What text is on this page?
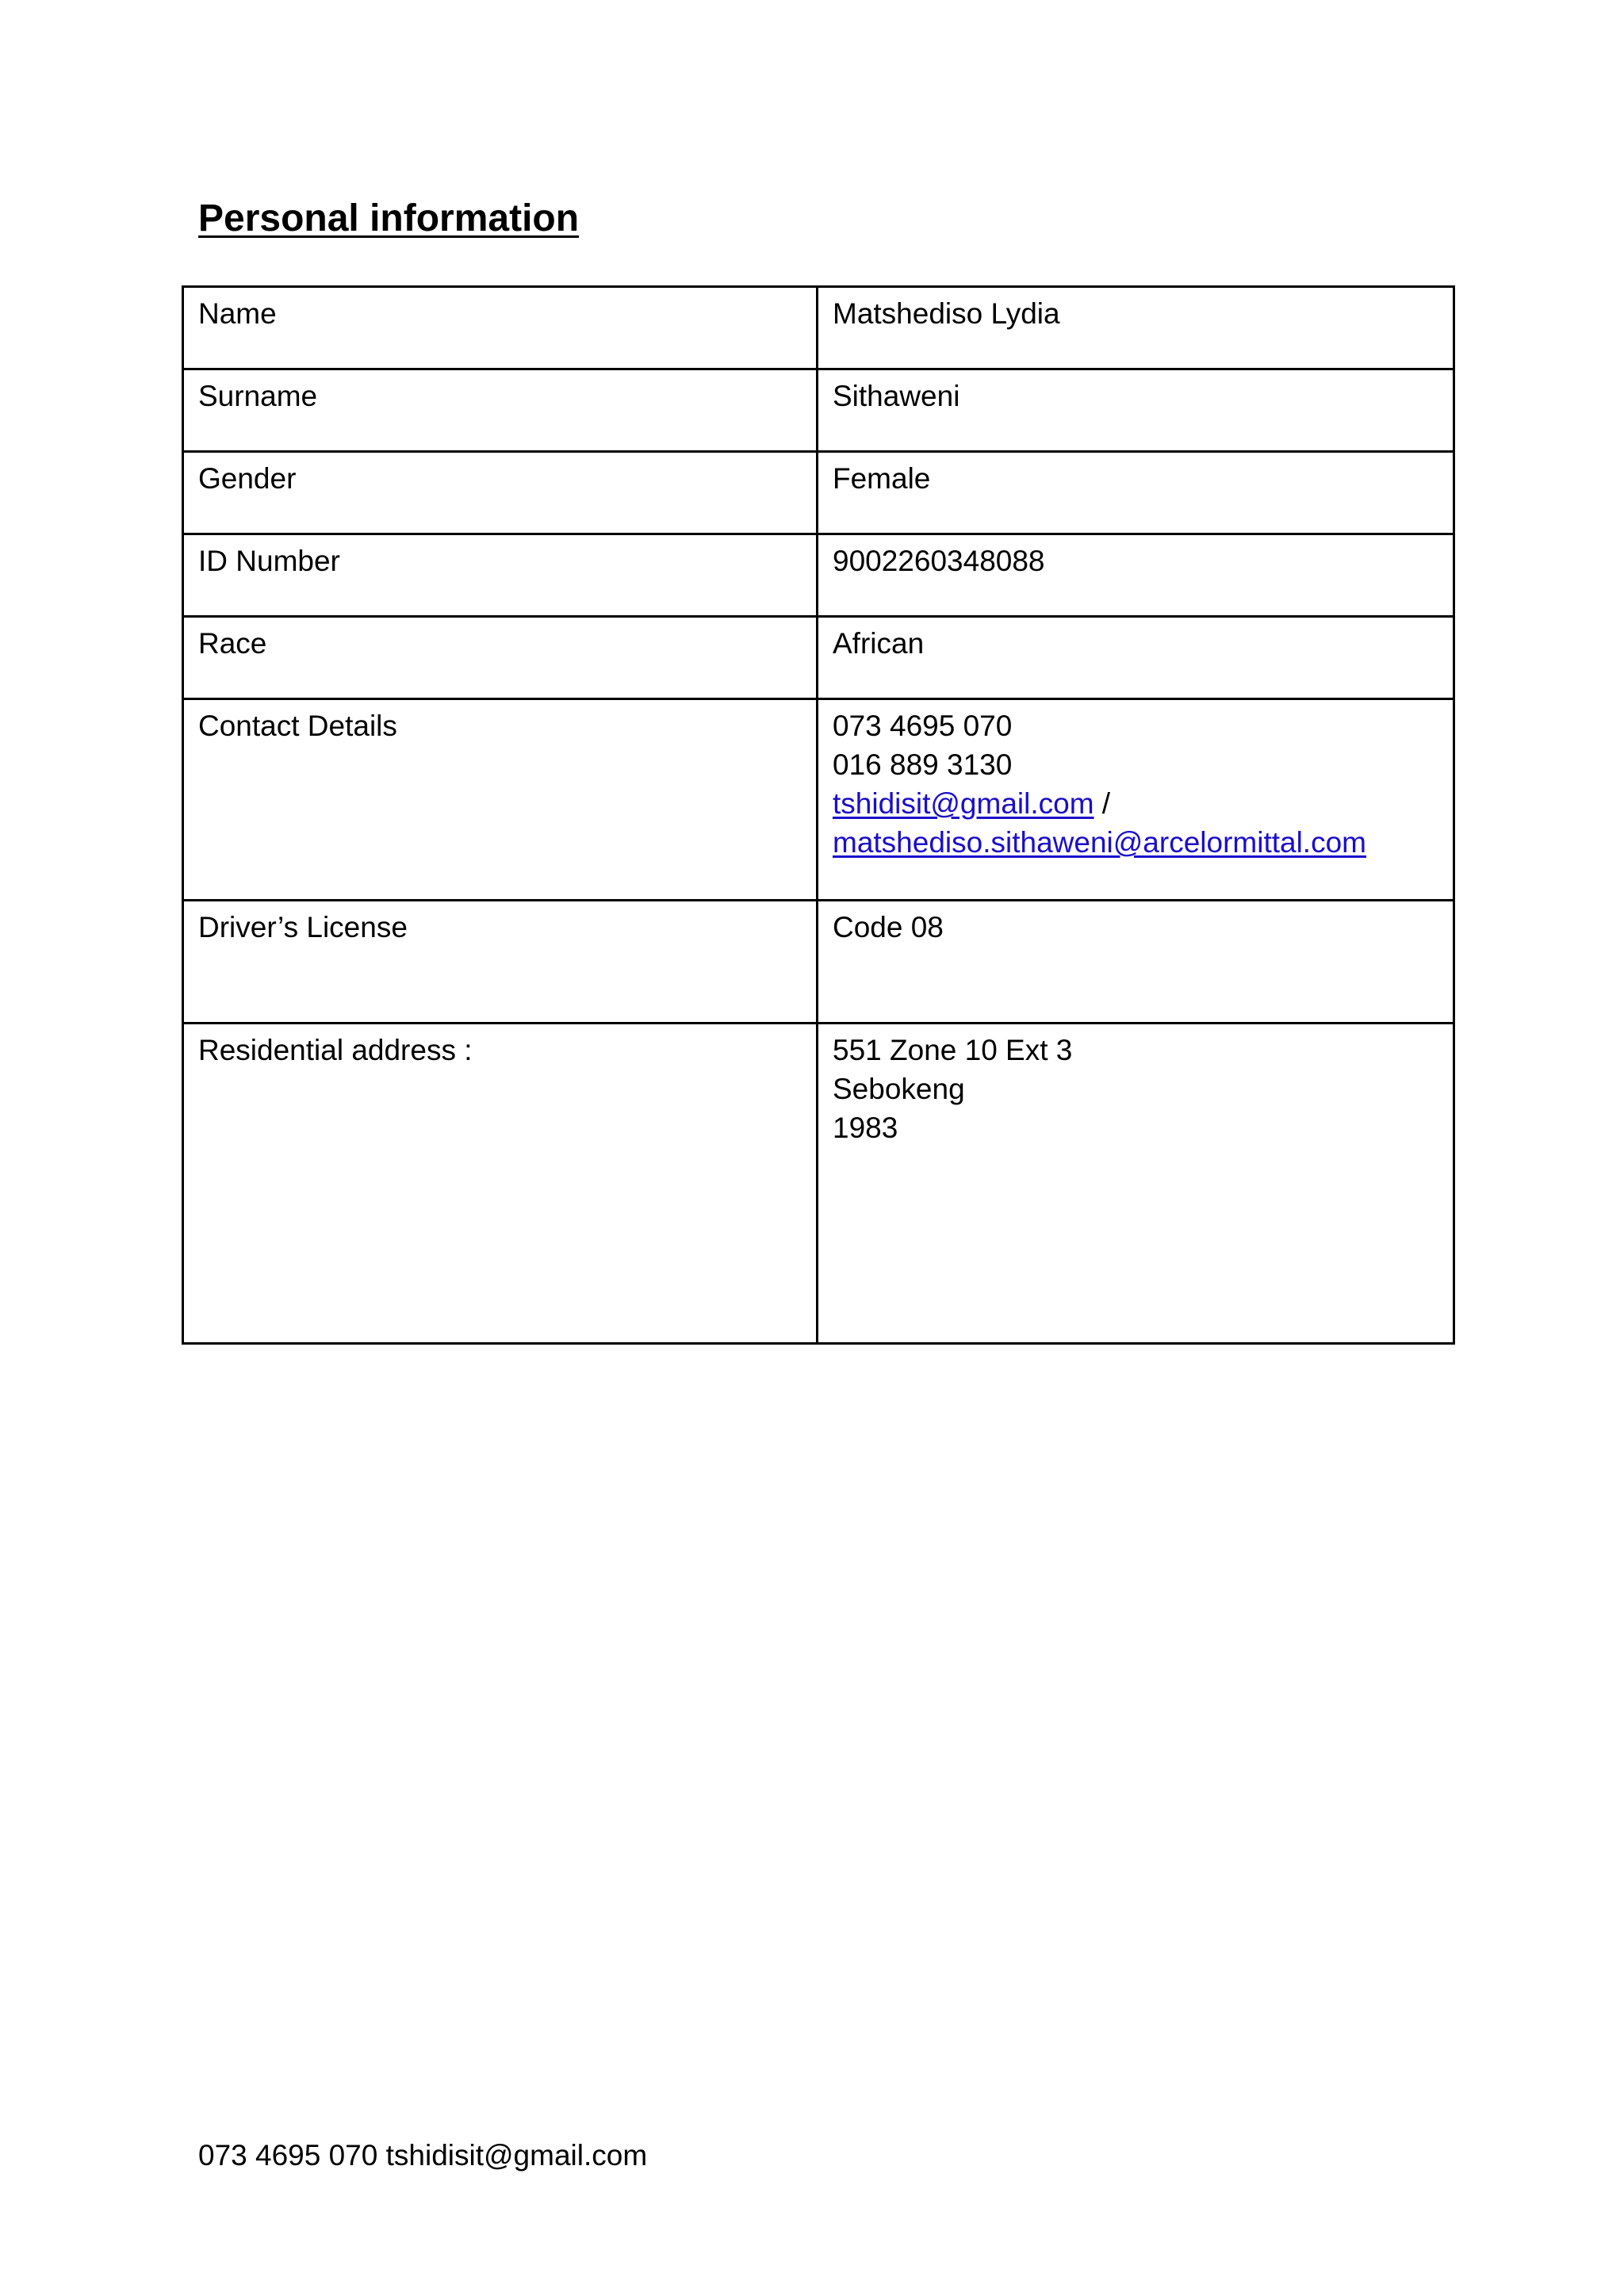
Personal information
Name	Matshediso Lydia
Surname	Sithaweni
Gender	Female
ID Number	9002260348088
Race	African
Contact Details	073 4695 070
016 889 3130
tshidisit@gmail.com /
matshediso.sithaweni@arcelormittal.com

Driver’s License	Code 08
Residential address :	551 Zone 10 Ext 3
Sebokeng
1983
073 4695 070 tshidisit@gmail.com
